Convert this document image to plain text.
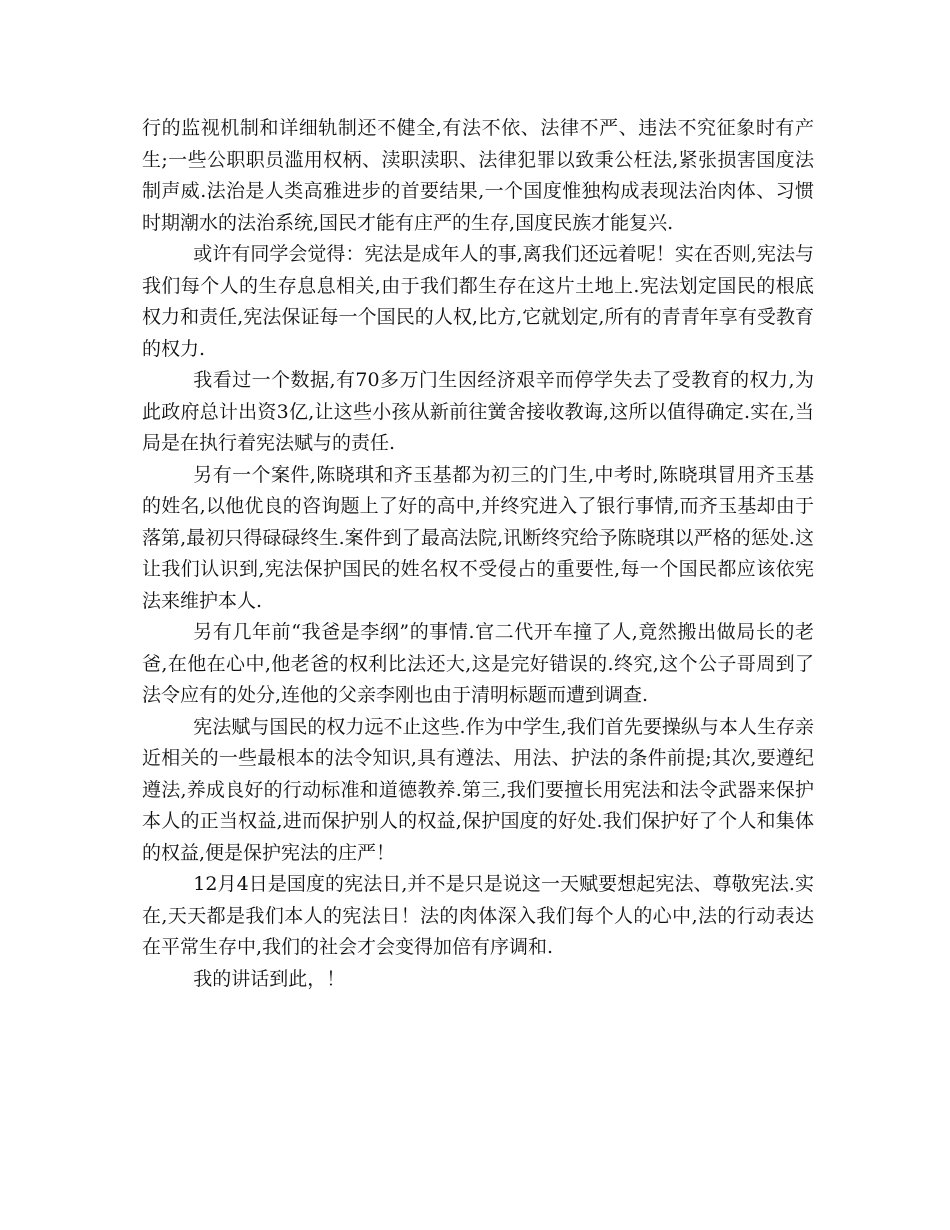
行的监视机制和详细轨制还不健全,有法不依、法律不严、违法不究征象时有产生;一些公职职员滥用权柄、渎职渎职、法律犯罪以致秉公枉法,紧张损害国度法制声威.法治是人类高雅进步的首要结果,一个国度惟独构成表现法治肉体、习惯时期潮水的法治系统,国民才能有庄严的生存,国度民族才能复兴.

或许有同学会觉得：宪法是成年人的事,离我们还远着呢！实在否则,宪法与我们每个人的生存息息相关,由于我们都生存在这片土地上.宪法划定国民的根底权力和责任,宪法保证每一个国民的人权,比方,它就划定,所有的青青年享有受教育的权力.

我看过一个数据,有70多万门生因经济艰辛而停学失去了受教育的权力,为此政府总计出资3亿,让这些小孩从新前往黉舍接收教诲,这所以值得确定.实在,当局是在执行着宪法赋与的责任.

另有一个案件,陈晓琪和齐玉基都为初三的门生,中考时,陈晓琪冒用齐玉基的姓名,以他优良的咨询题上了好的高中,并终究进入了银行事情,而齐玉基却由于落第,最初只得碌碌终生.案件到了最高法院,讯断终究给予陈晓琪以严格的惩处.这让我们认识到,宪法保护国民的姓名权不受侵占的重要性,每一个国民都应该依宪法来维护本人.

另有几年前“我爸是李纲”的事情.官二代开车撞了人,竟然搬出做局长的老爸,在他在心中,他老爸的权利比法还大,这是完好错误的.终究,这个公子哥周到了法令应有的处分,连他的父亲李刚也由于清明标题而遭到调查.

宪法赋与国民的权力远不止这些.作为中学生,我们首先要操纵与本人生存亲近相关的一些最根本的法令知识,具有遵法、用法、护法的条件前提;其次,要遵纪遵法,养成良好的行动标准和道德教养.第三,我们要擅长用宪法和法令武器来保护本人的正当权益,进而保护别人的权益,保护国度的好处.我们保护好了个人和集体的权益,便是保护宪法的庄严！

12月4日是国度的宪法日,并不是只是说这一天赋要想起宪法、尊敬宪法.实在,天天都是我们本人的宪法日！法的肉体深入我们每个人的心中,法的行动表达在平常生存中,我们的社会才会变得加倍有序调和.

我的讲话到此，！
